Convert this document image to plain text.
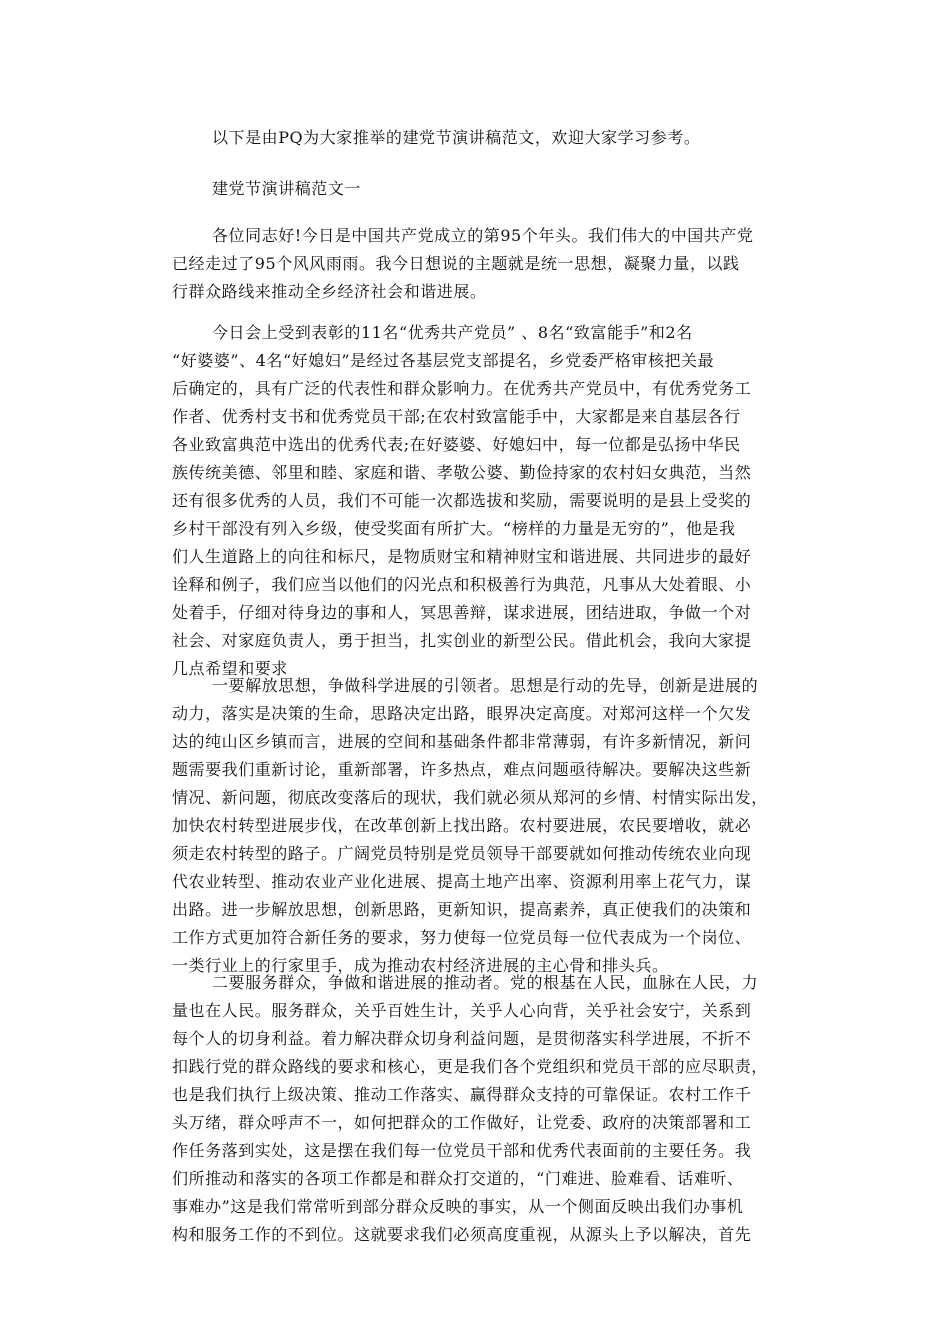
以下是由PQ为大家推举的建党节演讲稿范文，欢迎大家学习参考。
建党节演讲稿范文一
各位同志好!今日是中国共产党成立的第95个年头。我们伟大的中国共产党
已经走过了95个风风雨雨。我今日想说的主题就是统一思想，凝聚力量，以践
行群众路线来推动全乡经济社会和谐进展。
今日会上受到表彰的11名“优秀共产党员” 、8名“致富能手”和2名
“好婆婆”、4名“好媳妇”是经过各基层党支部提名，乡党委严格审核把关最
后确定的，具有广泛的代表性和群众影响力。在优秀共产党员中，有优秀党务工
作者、优秀村支书和优秀党员干部;在农村致富能手中，大家都是来自基层各行
各业致富典范中选出的优秀代表;在好婆婆、好媳妇中，每一位都是弘扬中华民
族传统美德、邻里和睦、家庭和谐、孝敬公婆、勤俭持家的农村妇女典范，当然
还有很多优秀的人员，我们不可能一次都选拔和奖励，需要说明的是县上受奖的
乡村干部没有列入乡级，使受奖面有所扩大。“榜样的力量是无穷的”，他是我
们人生道路上的向往和标尺，是物质财宝和精神财宝和谐进展、共同进步的最好
诠释和例子，我们应当以他们的闪光点和积极善行为典范，凡事从大处着眼、小
处着手，仔细对待身边的事和人，冥思善辩，谋求进展，团结进取，争做一个对
社会、对家庭负责人，勇于担当，扎实创业的新型公民。借此机会，我向大家提
几点希望和要求
一要解放思想，争做科学进展的引领者。思想是行动的先导，创新是进展的
动力，落实是决策的生命，思路决定出路，眼界决定高度。对郑河这样一个欠发
达的纯山区乡镇而言，进展的空间和基础条件都非常薄弱，有许多新情况，新问
题需要我们重新讨论，重新部署，许多热点，难点问题亟待解决。要解决这些新
情况、新问题，彻底改变落后的现状，我们就必须从郑河的乡情、村情实际出发，
加快农村转型进展步伐，在改革创新上找出路。农村要进展，农民要增收，就必
须走农村转型的路子。广阔党员特别是党员领导干部要就如何推动传统农业向现
代农业转型、推动农业产业化进展、提高土地产出率、资源利用率上花气力，谋
出路。进一步解放思想，创新思路，更新知识，提高素养，真正使我们的决策和
工作方式更加符合新任务的要求，努力使每一位党员每一位代表成为一个岗位、
一类行业上的行家里手，成为推动农村经济进展的主心骨和排头兵。
二要服务群众，争做和谐进展的推动者。党的根基在人民，血脉在人民，力
量也在人民。服务群众，关乎百姓生计，关乎人心向背，关乎社会安宁，关系到
每个人的切身利益。着力解决群众切身利益问题，是贯彻落实科学进展，不折不
扣践行党的群众路线的要求和核心，更是我们各个党组织和党员干部的应尽职责，
也是我们执行上级决策、推动工作落实、赢得群众支持的可靠保证。农村工作千
头万绪，群众呼声不一，如何把群众的工作做好，让党委、政府的决策部署和工
作任务落到实处，这是摆在我们每一位党员干部和优秀代表面前的主要任务。我
们所推动和落实的各项工作都是和群众打交道的，“门难进、脸难看、话难听、
事难办”这是我们常常听到部分群众反映的事实，从一个侧面反映出我们办事机
构和服务工作的不到位。这就要求我们必须高度重视，从源头上予以解决，首先
